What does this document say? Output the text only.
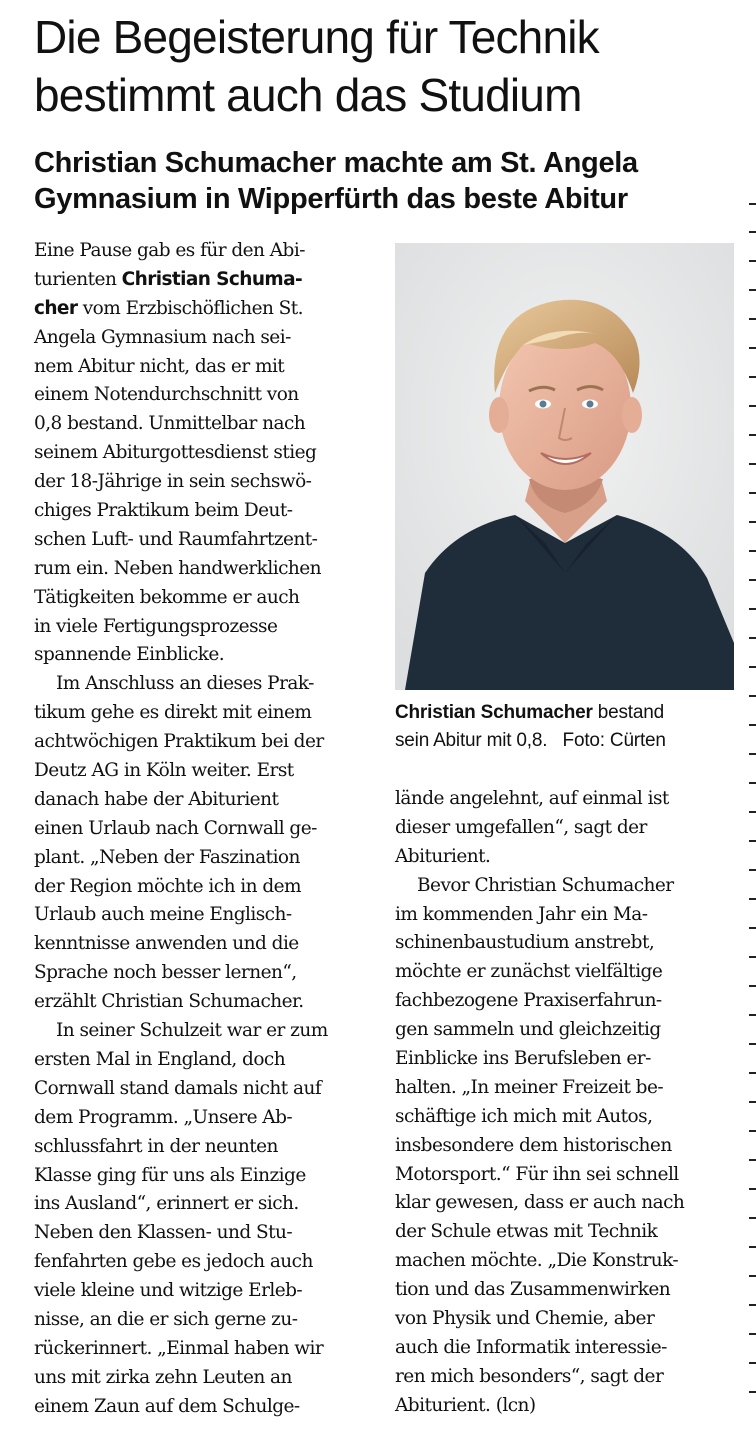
Die Begeisterung für Technik
bestimmt auch das Studium
Christian Schumacher machte am St. Angela
Gymnasium in Wipperfürth das beste Abitur
Eine Pause gab es für den Abi-
turienten Christian Schuma-
cher vom Erzbischöflichen St.
Angela Gymnasium nach sei-
nem Abitur nicht, das er mit
einem Notendurchschnitt von
0,8 bestand. Unmittelbar nach
seinem Abiturgottesdienst stieg
der 18-Jährige in sein sechswö-
chiges Praktikum beim Deut-
schen Luft- und Raumfahrtzent-
rum ein. Neben handwerklichen
Tätigkeiten bekomme er auch
in viele Fertigungsprozesse
spannende Einblicke.
Im Anschluss an dieses Prak-
tikum gehe es direkt mit einem
achtwöchigen Praktikum bei der
Deutz AG in Köln weiter. Erst
danach habe der Abiturient
einen Urlaub nach Cornwall ge-
plant. „Neben der Faszination
der Region möchte ich in dem
Urlaub auch meine Englisch-
kenntnisse anwenden und die
Sprache noch besser lernen“,
erzählt Christian Schumacher.
In seiner Schulzeit war er zum
ersten Mal in England, doch
Cornwall stand damals nicht auf
dem Programm. „Unsere Ab-
schlussfahrt in der neunten
Klasse ging für uns als Einzige
ins Ausland“, erinnert er sich.
Neben den Klassen- und Stu-
fenfahrten gebe es jedoch auch
viele kleine und witzige Erleb-
nisse, an die er sich gerne zu-
rückerinnert. „Einmal haben wir
uns mit zirka zehn Leuten an
einem Zaun auf dem Schulge-
Christian Schumacher bestand
sein Abitur mit 0,8. Foto: Cürten
lände angelehnt, auf einmal ist
dieser umgefallen“, sagt der
Abiturient.
Bevor Christian Schumacher
im kommenden Jahr ein Ma-
schinenbaustudium anstrebt,
möchte er zunächst vielfältige
fachbezogene Praxiserfahrun-
gen sammeln und gleichzeitig
Einblicke ins Berufsleben er-
halten. „In meiner Freizeit be-
schäftige ich mich mit Autos,
insbesondere dem historischen
Motorsport.“ Für ihn sei schnell
klar gewesen, dass er auch nach
der Schule etwas mit Technik
machen möchte. „Die Konstruk-
tion und das Zusammenwirken
von Physik und Chemie, aber
auch die Informatik interessie-
ren mich besonders“, sagt der
Abiturient. (lcn)
